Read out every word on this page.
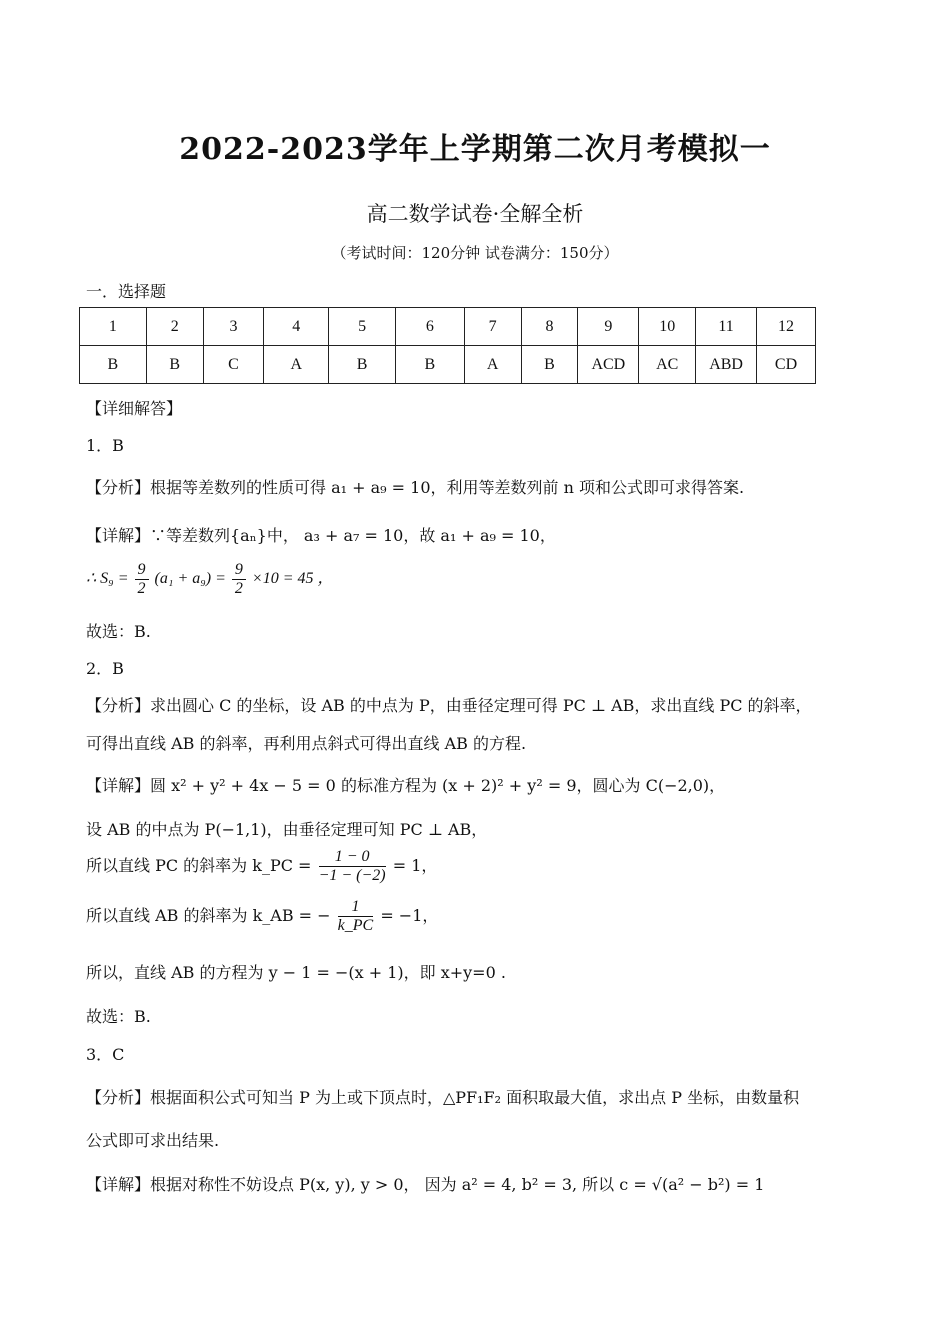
2022-2023学年上学期第二次月考模拟一
高二数学试卷·全解全析
（考试时间：120分钟 试卷满分：150分）
一．选择题
1	2	3	4	5	6	7	8	9	10	11	12
B	B	C	A	B	B	A	B	ACD	AC	ABD	CD
【详细解答】
1．B
【分析】根据等差数列的性质可得 a₁ + a₉ = 10，利用等差数列前 n 项和公式即可求得答案.
【详解】∵等差数列{aₙ}中， a₃ + a₇ = 10，故 a₁ + a₉ = 10，
∴ $S_9 = \frac{9}{2} (a_1 + a_9) = \frac{9}{2} \times 10 = 45$ ，
故选：B.
2．B
【分析】求出圆心 C 的坐标，设 AB 的中点为 P，由垂径定理可得 PC ⊥ AB，求出直线 PC 的斜率，
可得出直线 AB 的斜率，再利用点斜式可得出直线 AB 的方程.
【详解】圆 x² + y² + 4x − 5 = 0 的标准方程为 (x + 2)² + y² = 9，圆心为 C(−2,0)，
设 AB 的中点为 P(−1,1)，由垂径定理可知 PC ⊥ AB，
所以直线 PC 的斜率为 k_PC = $\frac{1 - 0}{-1 - (-2)} = 1$，
所以直线 AB 的斜率为 k_AB = − $\frac{1}{k\_PC} = -1$，
所以，直线 AB 的方程为 y − 1 = −(x + 1)，即 x+y=0 .
故选：B.
3．C
【分析】根据面积公式可知当 P 为上或下顶点时，△PF₁F₂ 面积取最大值，求出点 P 坐标，由数量积
公式即可求出结果.
【详解】根据对称性不妨设点 P(x, y), y > 0， 因为 a² = 4, b² = 3, 所以 c = √(a² − b²) = 1
